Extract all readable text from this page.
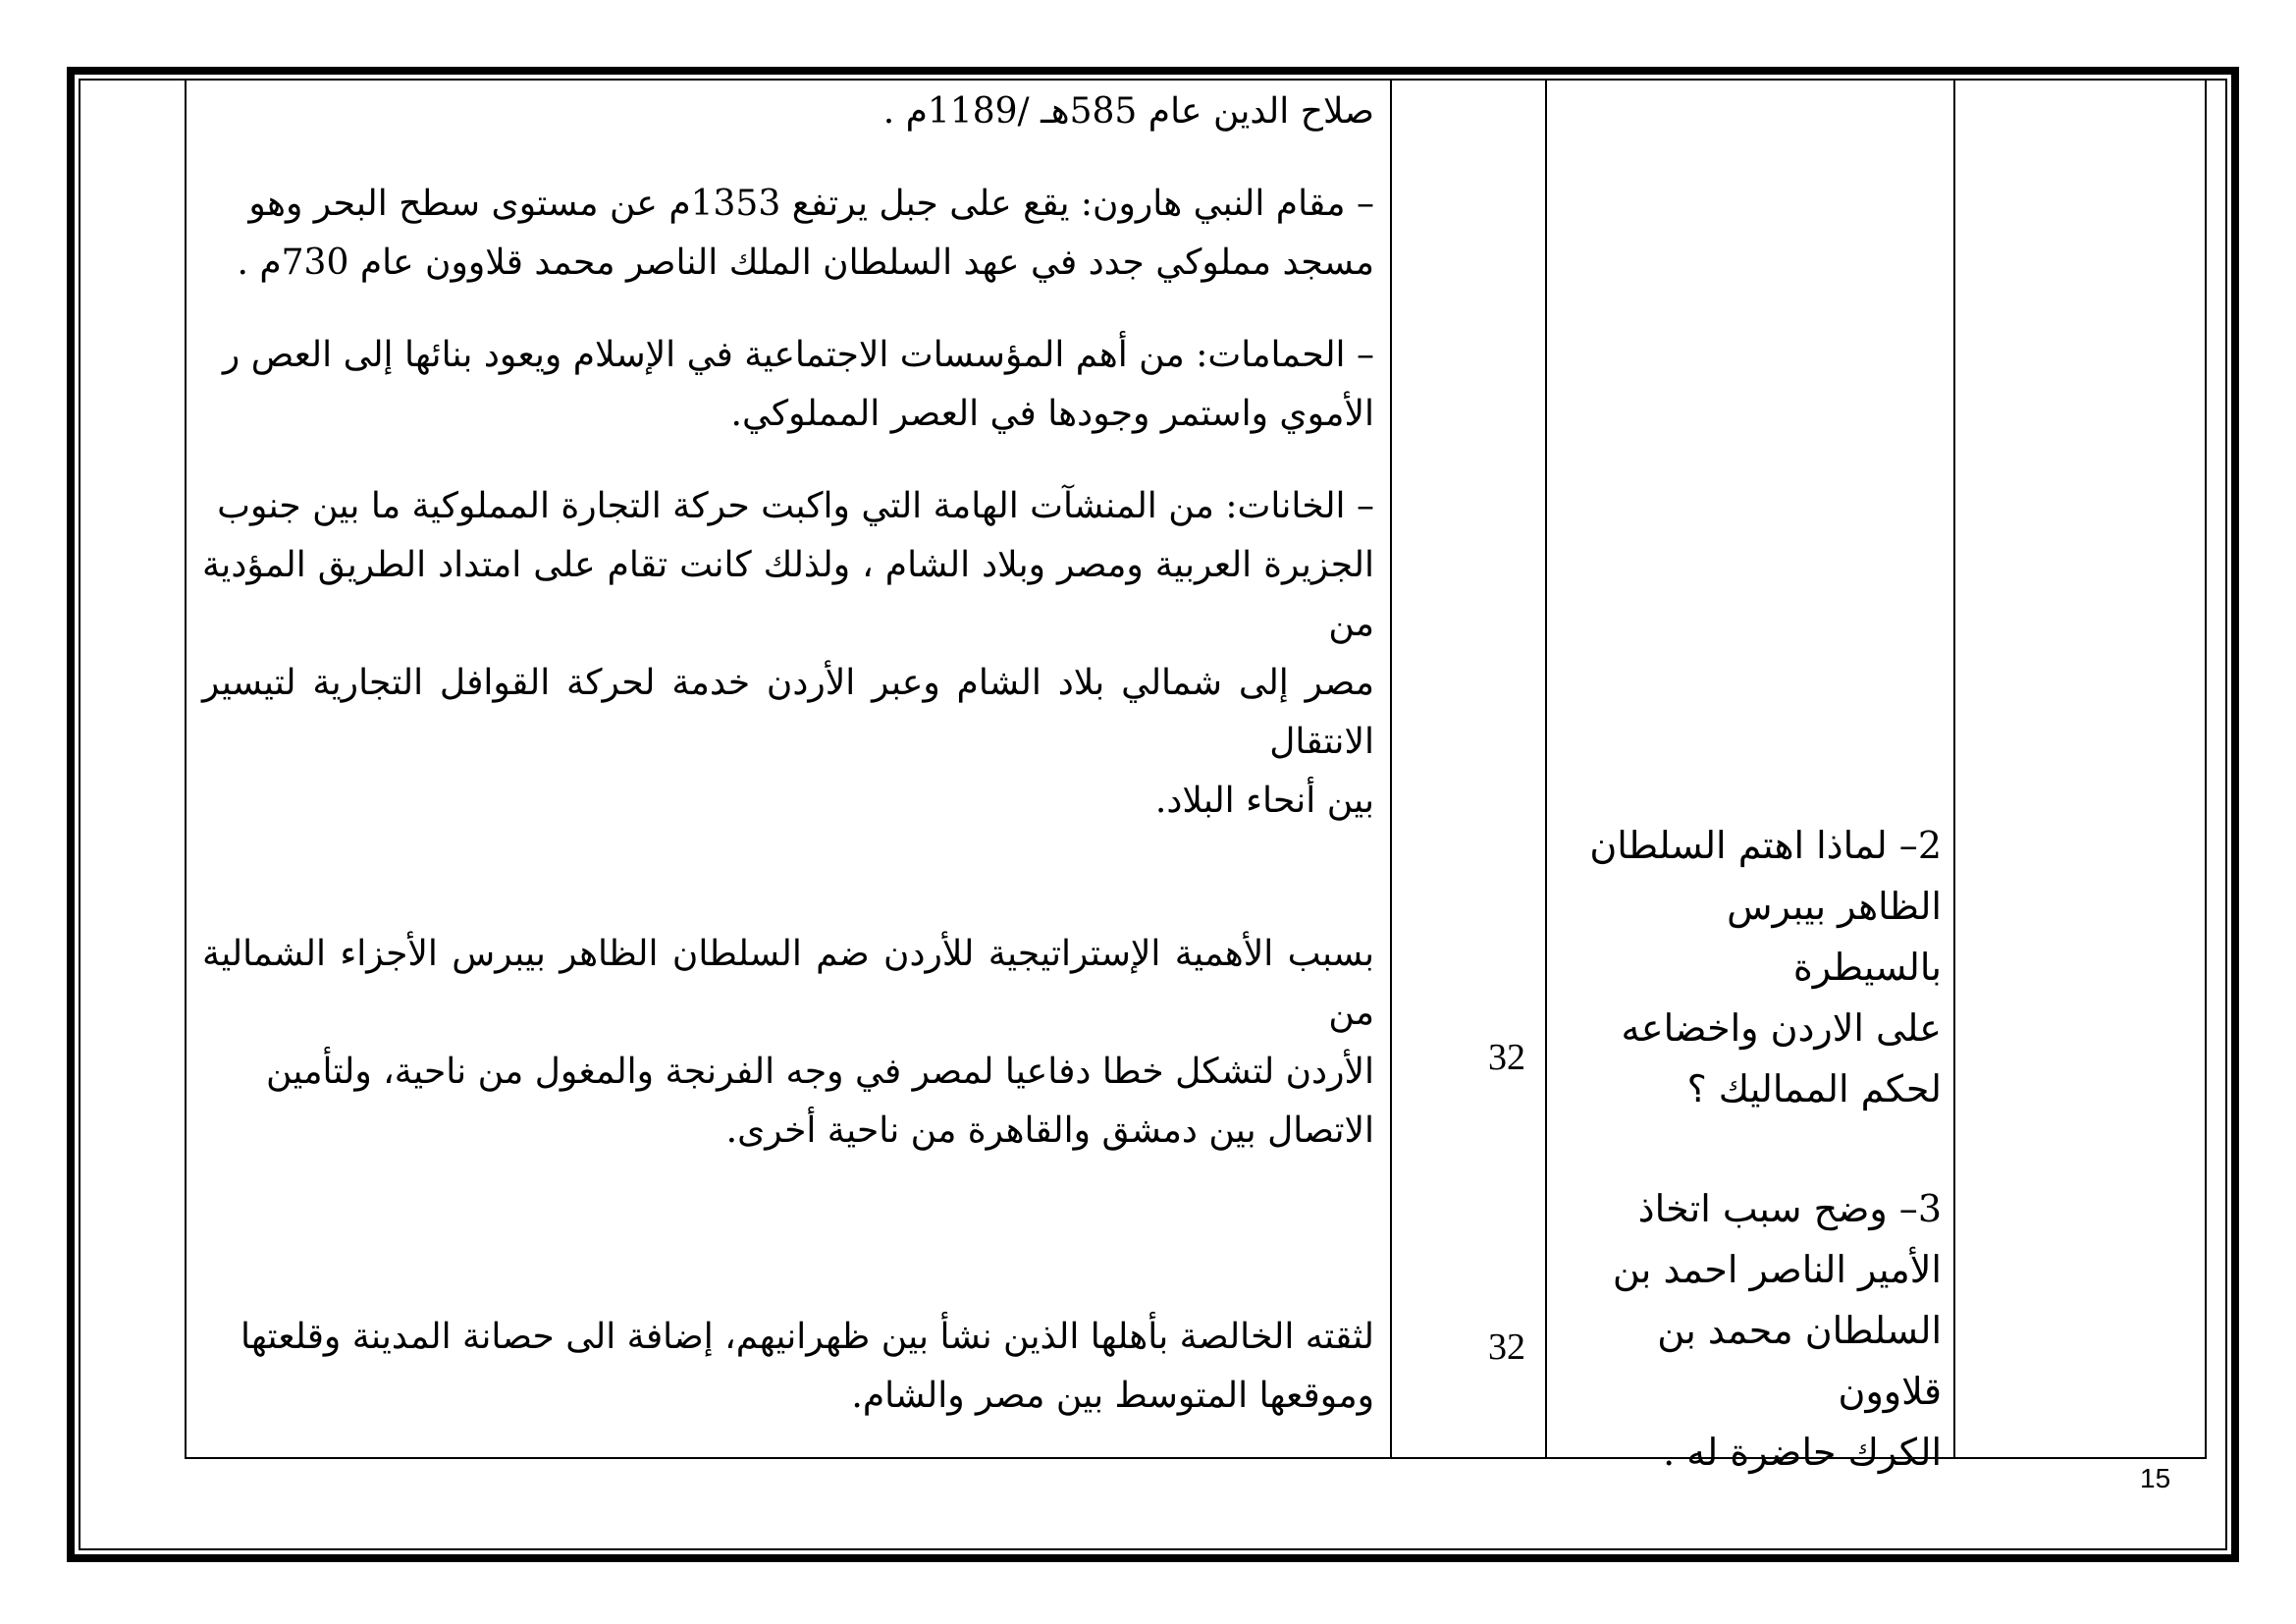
صلاح الدين عام 585هـ /1189م .

– مقام النبي هارون: يقع على جبل يرتفع 1353م عن مستوى سطح البحر وهو

مسجد مملوكي جدد في عهد السلطان الملك الناصر محمد قلاوون عام 730م .

– الحمامات: من أهم المؤسسات الاجتماعية في الإسلام ويعود بنائها إلى العص ر

الأموي واستمر وجودها في العصر المملوكي.

– الخانات: من المنشآت الهامة التي واكبت حركة التجارة المملوكية ما بين جنوب

الجزيرة العربية ومصر وبلاد الشام ، ولذلك كانت تقام على امتداد الطريق المؤدية من

مصر إلى شمالي بلاد الشام وعبر الأردن خدمة لحركة القوافل التجارية لتيسير الانتقال

بين أنحاء البلاد.

بسبب الأهمية الإستراتيجية للأردن ضم السلطان الظاهر بيبرس الأجزاء الشمالية من

الأردن لتشكل خطا دفاعيا لمصر في وجه الفرنجة والمغول من ناحية، ولتأمين

الاتصال بين دمشق والقاهرة من ناحية أخرى.

لثقته الخالصة بأهلها الذين نشأ بين ظهرانيهم، إضافة الى حصانة المدينة وقلعتها

وموقعها المتوسط بين مصر والشام.

32
32

2– لماذا اهتم السلطان

الظاهر بيبرس بالسيطرة

على الاردن واخضاعه

لحكم المماليك ؟

3– وضح سبب اتخاذ

الأمير الناصر احمد بن

السلطان محمد بن قلاوون

الكرك حاضرة له .

15
